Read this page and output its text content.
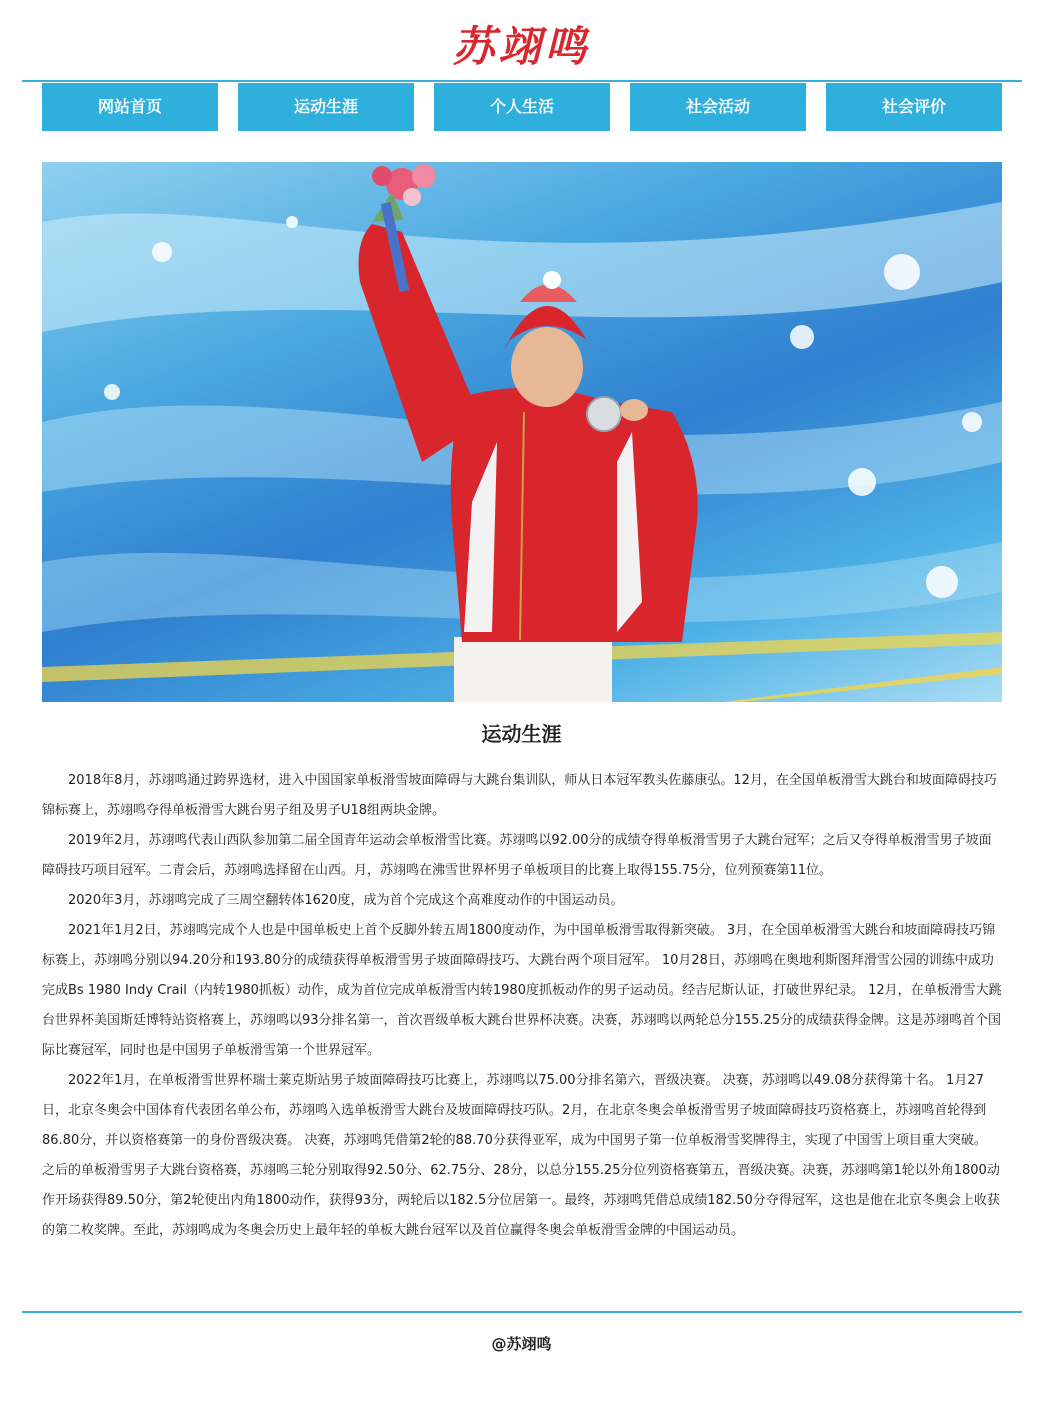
苏翊鸣
网站首页	运动生涯	个人生活	社会活动	社会评价
运动生涯

2018年8月，苏翊鸣通过跨界选材，进入中国国家单板滑雪坡面障碍与大跳台集训队，师从日本冠军教头佐藤康弘。12月，在全国单板滑雪大跳台和坡面障碍技巧锦标赛上，苏翊鸣夺得单板滑雪大跳台男子组及男子U18组两块金牌。

2019年2月，苏翊鸣代表山西队参加第二届全国青年运动会单板滑雪比赛。苏翊鸣以92.00分的成绩夺得单板滑雪男子大跳台冠军；之后又夺得单板滑雪男子坡面障碍技巧项目冠军。二青会后，苏翊鸣选择留在山西。月，苏翊鸣在沸雪世界杯男子单板项目的比赛上取得155.75分，位列预赛第11位。

2020年3月，苏翊鸣完成了三周空翻转体1620度，成为首个完成这个高难度动作的中国运动员。

2021年1月2日，苏翊鸣完成个人也是中国单板史上首个反脚外转五周1800度动作，为中国单板滑雪取得新突破。 3月，在全国单板滑雪大跳台和坡面障碍技巧锦标赛上，苏翊鸣分别以94.20分和193.80分的成绩获得单板滑雪男子坡面障碍技巧、大跳台两个项目冠军。 10月28日，苏翊鸣在奥地利斯图拜滑雪公园的训练中成功完成Bs 1980 Indy Crail（内转1980抓板）动作，成为首位完成单板滑雪内转1980度抓板动作的男子运动员。经吉尼斯认证，打破世界纪录。 12月，在单板滑雪大跳台世界杯美国斯廷博特站资格赛上，苏翊鸣以93分排名第一，首次晋级单板大跳台世界杯决赛。决赛，苏翊鸣以两轮总分155.25分的成绩获得金牌。这是苏翊鸣首个国际比赛冠军，同时也是中国男子单板滑雪第一个世界冠军。

2022年1月，在单板滑雪世界杯瑞士莱克斯站男子坡面障碍技巧比赛上，苏翊鸣以75.00分排名第六，晋级决赛。 决赛，苏翊鸣以49.08分获得第十名。 1月27日，北京冬奥会中国体育代表团名单公布，苏翊鸣入选单板滑雪大跳台及坡面障碍技巧队。2月，在北京冬奥会单板滑雪男子坡面障碍技巧资格赛上，苏翊鸣首轮得到86.80分，并以资格赛第一的身份晋级决赛。 决赛，苏翊鸣凭借第2轮的88.70分获得亚军，成为中国男子第一位单板滑雪奖牌得主，实现了中国雪上项目重大突破。 之后的单板滑雪男子大跳台资格赛，苏翊鸣三轮分别取得92.50分、62.75分、28分，以总分155.25分位列资格赛第五，晋级决赛。决赛，苏翊鸣第1轮以外角1800动作开场获得89.50分，第2轮使出内角1800动作，获得93分，两轮后以182.5分位居第一。最终，苏翊鸣凭借总成绩182.50分夺得冠军，这也是他在北京冬奥会上收获的第二枚奖牌。至此，苏翊鸣成为冬奥会历史上最年轻的单板大跳台冠军以及首位赢得冬奥会单板滑雪金牌的中国运动员。

@苏翊鸣
